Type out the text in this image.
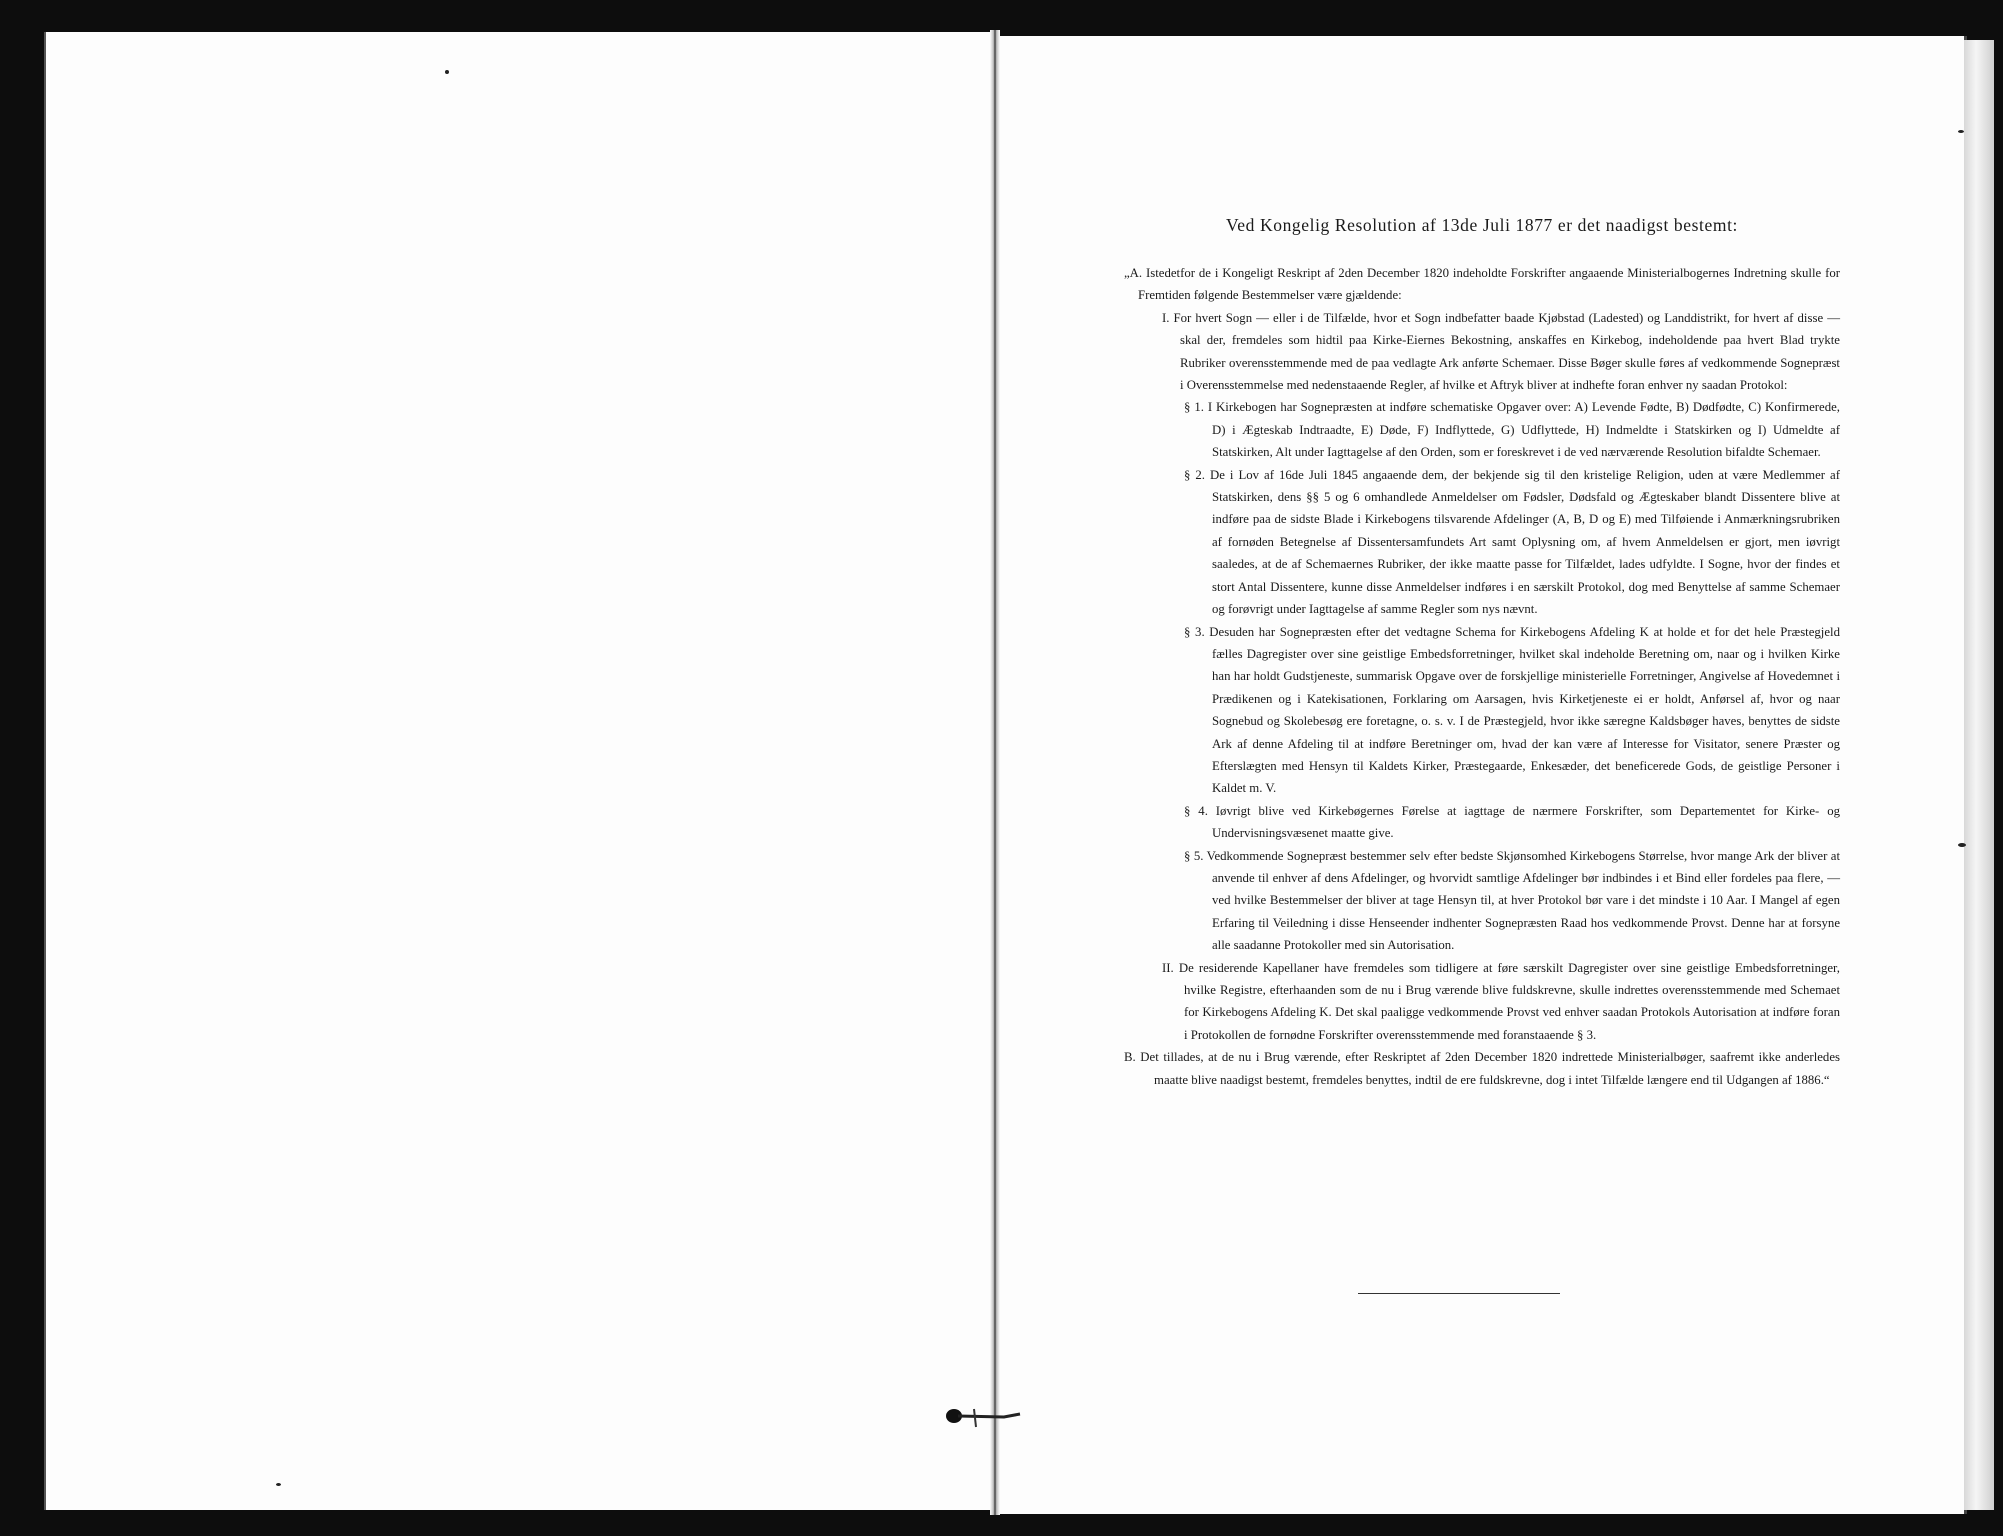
Ved Kongelig Resolution af 13de Juli 1877 er det naadigst bestemt:

„A. Istedetfor de i Kongeligt Reskript af 2den December 1820 indeholdte Forskrifter angaaende Ministerialbogernes Indretning skulle for Fremtiden følgende Bestemmelser være gjældende:

I. For hvert Sogn — eller i de Tilfælde, hvor et Sogn indbefatter baade Kjøbstad (Ladested) og Landdistrikt, for hvert af disse — skal der, fremdeles som hidtil paa Kirke-Eiernes Bekostning, anskaffes en Kirkebog, indeholdende paa hvert Blad trykte Rubriker overensstemmende med de paa vedlagte Ark anførte Schemaer. Disse Bøger skulle føres af vedkommende Sognepræst i Overensstemmelse med nedenstaaende Regler, af hvilke et Aftryk bliver at indhefte foran enhver ny saadan Protokol:

§ 1. I Kirkebogen har Sognepræsten at indføre schematiske Opgaver over: A) Levende Fødte, B) Dødfødte, C) Konfirmerede, D) i Ægteskab Indtraadte, E) Døde, F) Indflyttede, G) Udflyttede, H) Indmeldte i Statskirken og I) Udmeldte af Statskirken, Alt under Iagttagelse af den Orden, som er foreskrevet i de ved nærværende Resolution bifaldte Schemaer.

§ 2. De i Lov af 16de Juli 1845 angaaende dem, der bekjende sig til den kristelige Religion, uden at være Medlemmer af Statskirken, dens §§ 5 og 6 omhandlede Anmeldelser om Fødsler, Dødsfald og Ægteskaber blandt Dissentere blive at indføre paa de sidste Blade i Kirkebogens tilsvarende Afdelinger (A, B, D og E) med Tilføiende i Anmærkningsrubriken af fornøden Betegnelse af Dissentersamfundets Art samt Oplysning om, af hvem Anmeldelsen er gjort, men iøvrigt saaledes, at de af Schemaernes Rubriker, der ikke maatte passe for Tilfældet, lades udfyldte. I Sogne, hvor der findes et stort Antal Dissentere, kunne disse Anmeldelser indføres i en særskilt Protokol, dog med Benyttelse af samme Schemaer og forøvrigt under Iagttagelse af samme Regler som nys nævnt.

§ 3. Desuden har Sognepræsten efter det vedtagne Schema for Kirkebogens Afdeling K at holde et for det hele Præstegjeld fælles Dagregister over sine geistlige Embedsforretninger, hvilket skal indeholde Beretning om, naar og i hvilken Kirke han har holdt Gudstjeneste, summarisk Opgave over de forskjellige ministerielle Forretninger, Angivelse af Hovedemnet i Prædikenen og i Katekisationen, Forklaring om Aarsagen, hvis Kirketjeneste ei er holdt, Anførsel af, hvor og naar Sognebud og Skolebesøg ere foretagne, o. s. v. I de Præstegjeld, hvor ikke særegne Kaldsbøger haves, benyttes de sidste Ark af denne Afdeling til at indføre Beretninger om, hvad der kan være af Interesse for Visitator, senere Præster og Efterslægten med Hensyn til Kaldets Kirker, Præstegaarde, Enkesæder, det beneficerede Gods, de geistlige Personer i Kaldet m. V.

§ 4. Iøvrigt blive ved Kirkebøgernes Førelse at iagttage de nærmere Forskrifter, som Departementet for Kirke- og Undervisningsvæsenet maatte give.

§ 5. Vedkommende Sognepræst bestemmer selv efter bedste Skjønsomhed Kirkebogens Størrelse, hvor mange Ark der bliver at anvende til enhver af dens Afdelinger, og hvorvidt samtlige Afdelinger bør indbindes i et Bind eller fordeles paa flere, — ved hvilke Bestemmelser der bliver at tage Hensyn til, at hver Protokol bør vare i det mindste i 10 Aar. I Mangel af egen Erfaring til Veiledning i disse Henseender indhenter Sognepræsten Raad hos vedkommende Provst. Denne har at forsyne alle saadanne Protokoller med sin Autorisation.

II. De residerende Kapellaner have fremdeles som tidligere at føre særskilt Dagregister over sine geistlige Embedsforretninger, hvilke Registre, efterhaanden som de nu i Brug værende blive fuldskrevne, skulle indrettes overensstemmende med Schemaet for Kirkebogens Afdeling K. Det skal paaligge vedkommende Provst ved enhver saadan Protokols Autorisation at indføre foran i Protokollen de fornødne Forskrifter overensstemmende med foranstaaende § 3.

B. Det tillades, at de nu i Brug værende, efter Reskriptet af 2den December 1820 indrettede Ministerialbøger, saafremt ikke anderledes maatte blive naadigst bestemt, fremdeles benyttes, indtil de ere fuldskrevne, dog i intet Tilfælde længere end til Udgangen af 1886.“
